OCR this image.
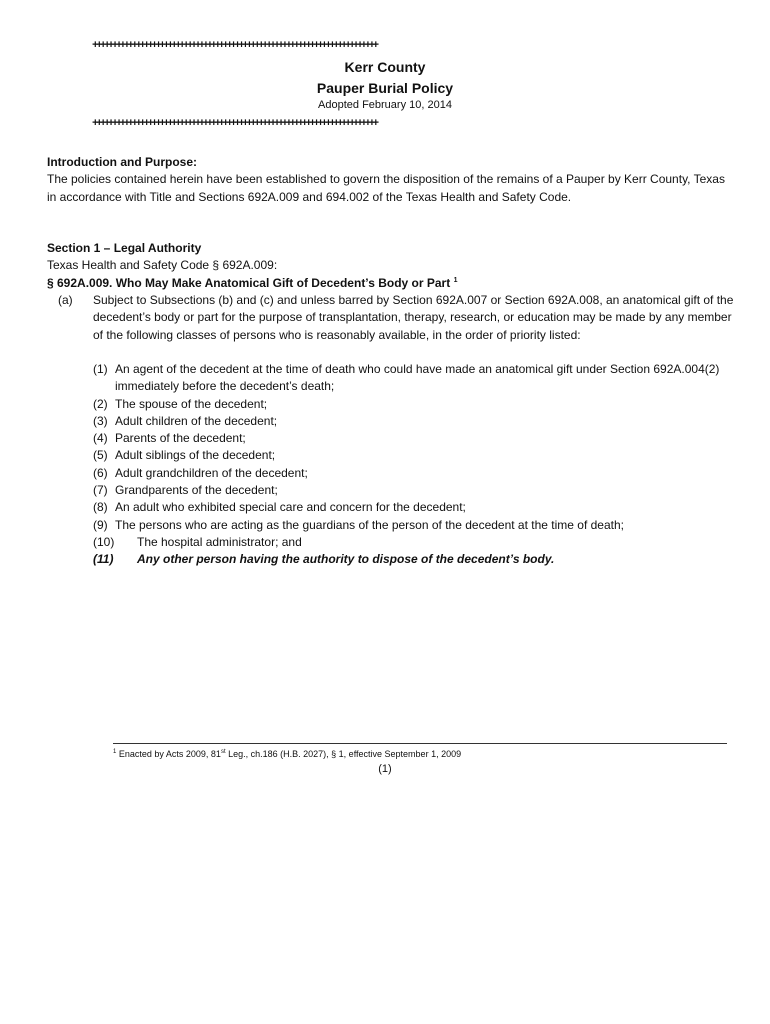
++++++++++++++++++++++++++++++++++++++++++++++++++++++++++++++++++++++++
Kerr County
Pauper Burial Policy
Adopted February 10, 2014
++++++++++++++++++++++++++++++++++++++++++++++++++++++++++++++++++++++++

Introduction and Purpose:

The policies contained herein have been established to govern the disposition of the remains of a Pauper by Kerr County, Texas in accordance with Title and Sections 692A.009 and 694.002 of the Texas Health and Safety Code.

Section 1 – Legal Authority

Texas Health and Safety Code § 692A.009:

§ 692A.009. Who May Make Anatomical Gift of Decedent’s Body or Part $^1$

(a) Subject to Subsections (b) and (c) and unless barred by Section 692A.007 or Section 692A.008, an anatomical gift of the decedent’s body or part for the purpose of transplantation, therapy, research, or education may be made by any member of the following classes of persons who is reasonably available, in the order of priority listed:
(1) An agent of the decedent at the time of death who could have made an anatomical gift under Section 692A.004(2) immediately before the decedent’s death;
(2) The spouse of the decedent;
(3) Adult children of the decedent;
(4) Parents of the decedent;
(5) Adult siblings of the decedent;
(6) Adult grandchildren of the decedent;
(7) Grandparents of the decedent;
(8) An adult who exhibited special care and concern for the decedent;
(9) The persons who are acting as the guardians of the person of the decedent at the time of death;
(10) The hospital administrator; and
(11) Any other person having the authority to dispose of the decedent’s body.
$^1$ Enacted by Acts 2009, 81st Leg., ch.186 (H.B. 2027), § 1, effective September 1, 2009
(1)
